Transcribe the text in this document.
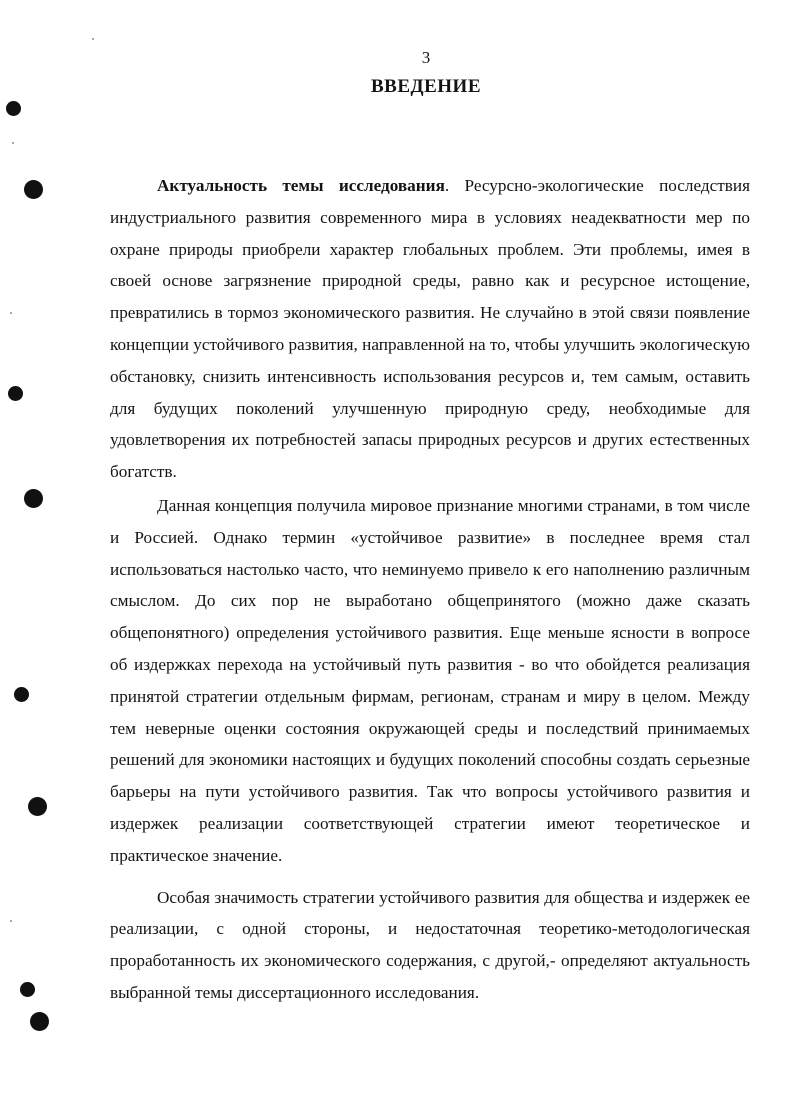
3
ВВЕДЕНИЕ

Актуальность темы исследования. Ресурсно-экологические последствия индустриального развития современного мира в условиях неадекватности мер по охране природы приобрели характер глобальных проблем. Эти проблемы, имея в своей основе загрязнение природной среды, равно как и ресурсное истощение, превратились в тормоз экономического развития. Не случайно в этой связи появление концепции устойчивого развития, направленной на то, чтобы улучшить экологическую обстановку, снизить интенсивность использования ресурсов и, тем самым, оставить для будущих поколений улучшенную природную среду, необходимые для удовлетворения их потребностей запасы природных ресурсов и других естественных богатств.

Данная концепция получила мировое признание многими странами, в том числе и Россией. Однако термин «устойчивое развитие» в последнее время стал использоваться настолько часто, что неминуемо привело к его наполнению различным смыслом. До сих пор не выработано общепринятого (можно даже сказать общепонятного) определения устойчивого развития. Еще меньше ясности в вопросе об издержках перехода на устойчивый путь развития - во что обойдется реализация принятой стратегии отдельным фирмам, регионам, странам и миру в целом. Между тем неверные оценки состояния окружающей среды и последствий принимаемых решений для экономики настоящих и будущих поколений способны создать серьезные барьеры на пути устойчивого развития. Так что вопросы устойчивого развития и издержек реализации соответствующей стратегии имеют теоретическое и практическое значение.

Особая значимость стратегии устойчивого развития для общества и издержек ее реализации, с одной стороны, и недостаточная теоретико-методологическая проработанность их экономического содержания, с другой,- определяют актуальность выбранной темы диссертационного исследования.
